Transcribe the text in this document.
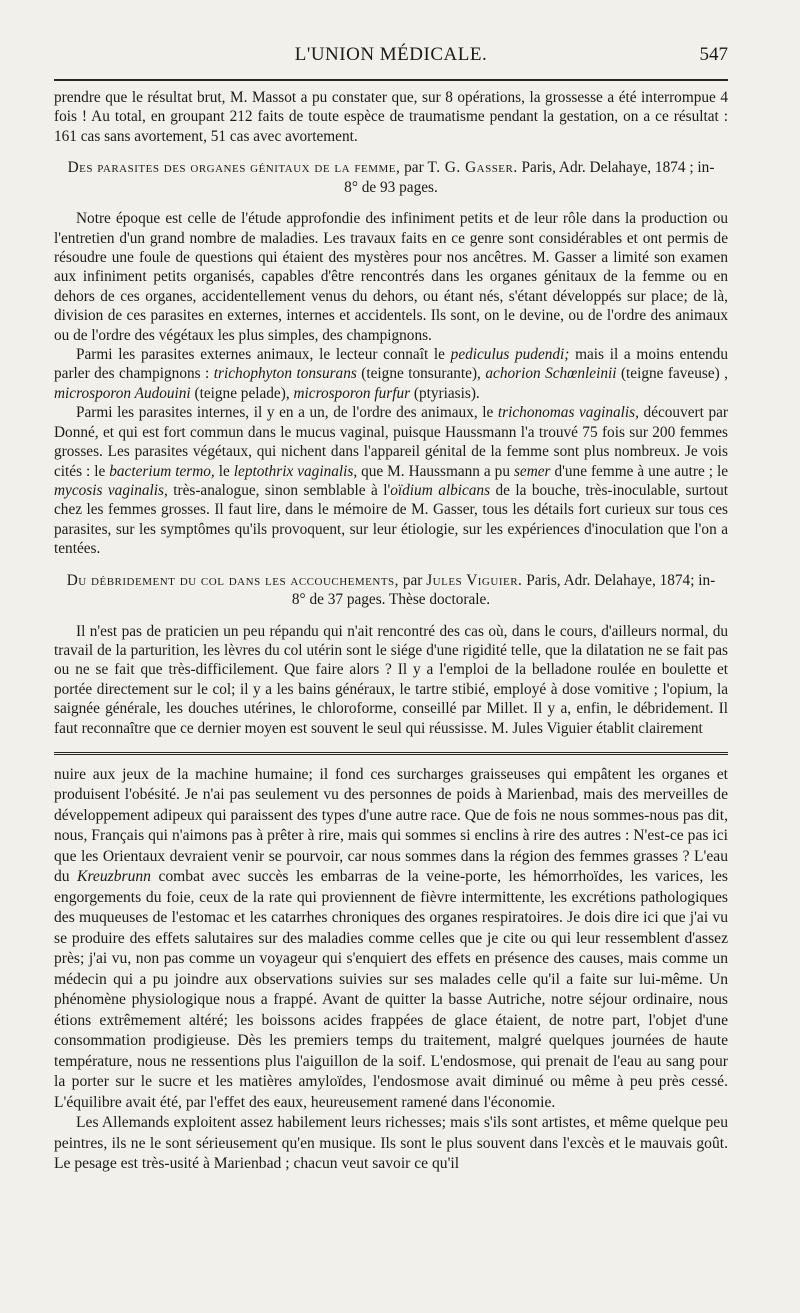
L'UNION MÉDICALE.	547

prendre que le résultat brut, M. Massot a pu constater que, sur 8 opérations, la grossesse a été interrompue 4 fois ! Au total, en groupant 212 faits de toute espèce de traumatisme pendant la gestation, on a ce résultat : 161 cas sans avortement, 51 cas avec avortement.

Des parasites des organes génitaux de la femme, par T. G. Gasser. Paris, Adr. Delahaye, 1874 ; in-8° de 93 pages.

Notre époque est celle de l'étude approfondie des infiniment petits et de leur rôle dans la production ou l'entretien d'un grand nombre de maladies. Les travaux faits en ce genre sont considérables et ont permis de résoudre une foule de questions qui étaient des mystères pour nos ancêtres. M. Gasser a limité son examen aux infiniment petits organisés, capables d'être rencontrés dans les organes génitaux de la femme ou en dehors de ces organes, accidentellement venus du dehors, ou étant nés, s'étant développés sur place; de là, division de ces parasites en externes, internes et accidentels. Ils sont, on le devine, ou de l'ordre des animaux ou de l'ordre des végétaux les plus simples, des champignons.

Parmi les parasites externes animaux, le lecteur connaît le pediculus pudendi; mais il a moins entendu parler des champignons : trichophyton tonsurans (teigne tonsurante), achorion Schœnleinii (teigne faveuse) , microsporon Audouini (teigne pelade), microsporon furfur (ptyriasis).

Parmi les parasites internes, il y en a un, de l'ordre des animaux, le trichonomas vaginalis, découvert par Donné, et qui est fort commun dans le mucus vaginal, puisque Haussmann l'a trouvé 75 fois sur 200 femmes grosses. Les parasites végétaux, qui nichent dans l'appareil génital de la femme sont plus nombreux. Je vois cités : le bacterium termo, le leptothrix vaginalis, que M. Haussmann a pu semer d'une femme à une autre ; le mycosis vaginalis, très-analogue, sinon semblable à l'oïdium albicans de la bouche, très-inoculable, surtout chez les femmes grosses. Il faut lire, dans le mémoire de M. Gasser, tous les détails fort curieux sur tous ces parasites, sur les symptômes qu'ils provoquent, sur leur étiologie, sur les expériences d'inoculation que l'on a tentées.

Du débridement du col dans les accouchements, par Jules Viguier. Paris, Adr. Delahaye, 1874; in-8° de 37 pages. Thèse doctorale.

Il n'est pas de praticien un peu répandu qui n'ait rencontré des cas où, dans le cours, d'ailleurs normal, du travail de la parturition, les lèvres du col utérin sont le siége d'une rigidité telle, que la dilatation ne se fait pas ou ne se fait que très-difficilement. Que faire alors ? Il y a l'emploi de la belladone roulée en boulette et portée directement sur le col; il y a les bains généraux, le tartre stibié, employé à dose vomitive ; l'opium, la saignée générale, les douches utérines, le chloroforme, conseillé par Millet. Il y a, enfin, le débridement. Il faut reconnaître que ce dernier moyen est souvent le seul qui réussisse. M. Jules Viguier établit clairement

nuire aux jeux de la machine humaine; il fond ces surcharges graisseuses qui empâtent les organes et produisent l'obésité. Je n'ai pas seulement vu des personnes de poids à Marienbad, mais des merveilles de développement adipeux qui paraissent des types d'une autre race. Que de fois ne nous sommes-nous pas dit, nous, Français qui n'aimons pas à prêter à rire, mais qui sommes si enclins à rire des autres : N'est-ce pas ici que les Orientaux devraient venir se pourvoir, car nous sommes dans la région des femmes grasses ? L'eau du Kreuzbrunn combat avec succès les embarras de la veine-porte, les hémorrhoïdes, les varices, les engorgements du foie, ceux de la rate qui proviennent de fièvre intermittente, les excrétions pathologiques des muqueuses de l'estomac et les catarrhes chroniques des organes respiratoires. Je dois dire ici que j'ai vu se produire des effets salutaires sur des maladies comme celles que je cite ou qui leur ressemblent d'assez près; j'ai vu, non pas comme un voyageur qui s'enquiert des effets en présence des causes, mais comme un médecin qui a pu joindre aux observations suivies sur ses malades celle qu'il a faite sur lui-même. Un phénomène physiologique nous a frappé. Avant de quitter la basse Autriche, notre séjour ordinaire, nous étions extrêmement altéré; les boissons acides frappées de glace étaient, de notre part, l'objet d'une consommation prodigieuse. Dès les premiers temps du traitement, malgré quelques journées de haute température, nous ne ressentions plus l'aiguillon de la soif. L'endosmose, qui prenait de l'eau au sang pour la porter sur le sucre et les matières amyloïdes, l'endosmose avait diminué ou même à peu près cessé. L'équilibre avait été, par l'effet des eaux, heureusement ramené dans l'économie.

Les Allemands exploitent assez habilement leurs richesses; mais s'ils sont artistes, et même quelque peu peintres, ils ne le sont sérieusement qu'en musique. Ils sont le plus souvent dans l'excès et le mauvais goût. Le pesage est très-usité à Marienbad ; chacun veut savoir ce qu'il
